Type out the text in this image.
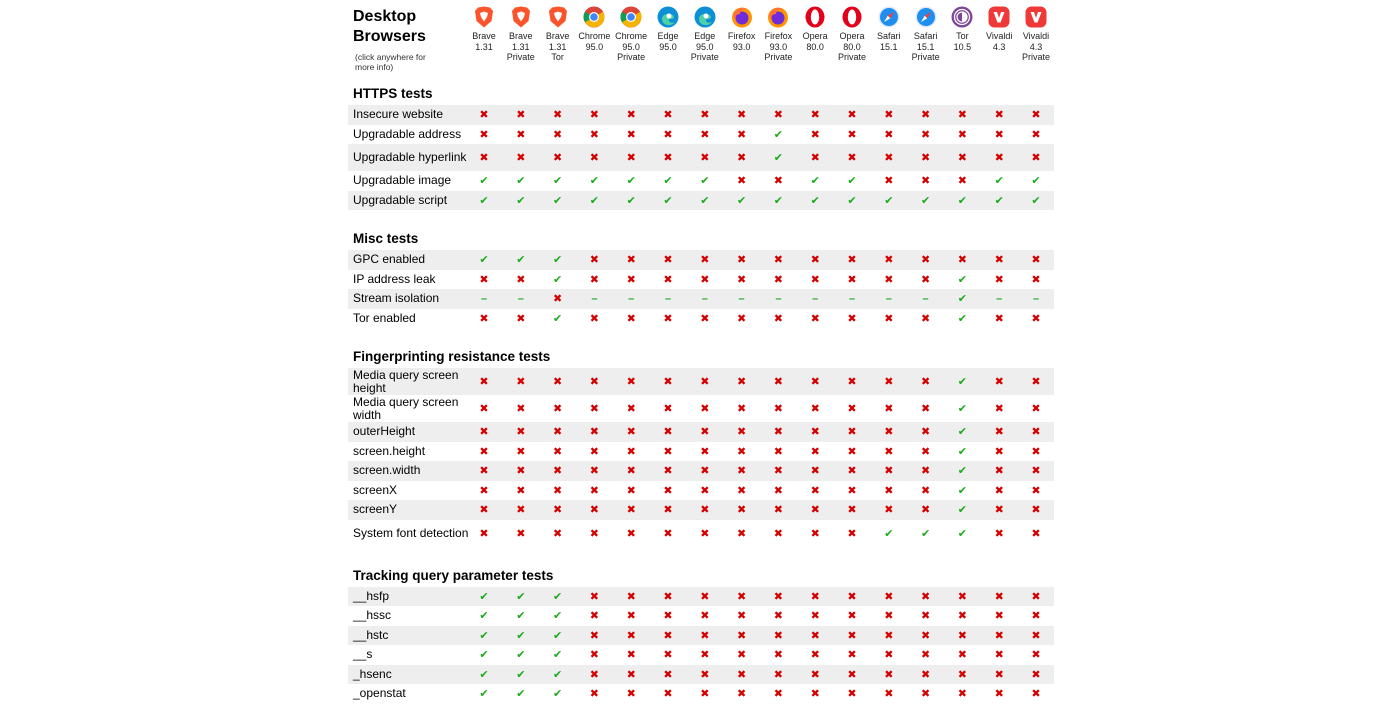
Desktop
Browsers
(click anywhere for
more info)
Brave
1.31
Brave
1.31
Private
Brave
1.31
Tor
Chrome
95.0
Chrome
95.0
Private
Edge
95.0
Edge
95.0
Private
Firefox
93.0
Firefox
93.0
Private
Opera
80.0
Opera
80.0
Private
Safari
15.1
Safari
15.1
Private
Tor
10.5
Vivaldi
4.3
Vivaldi
4.3
Private
HTTPS tests
Insecure website	✖	✖	✖	✖	✖	✖	✖	✖	✖	✖	✖	✖	✖	✖	✖	✖
Upgradable address	✖	✖	✖	✖	✖	✖	✖	✖	✔	✖	✖	✖	✖	✖	✖	✖
Upgradable hyperlink	✖	✖	✖	✖	✖	✖	✖	✖	✔	✖	✖	✖	✖	✖	✖	✖
Upgradable image	✔	✔	✔	✔	✔	✔	✔	✖	✖	✔	✔	✖	✖	✖	✔	✔
Upgradable script	✔	✔	✔	✔	✔	✔	✔	✔	✔	✔	✔	✔	✔	✔	✔	✔
Misc tests
GPC enabled	✔	✔	✔	✖	✖	✖	✖	✖	✖	✖	✖	✖	✖	✖	✖	✖
IP address leak	✖	✖	✔	✖	✖	✖	✖	✖	✖	✖	✖	✖	✖	✔	✖	✖
Stream isolation	–	–	✖	–	–	–	–	–	–	–	–	–	–	✔	–	–
Tor enabled	✖	✖	✔	✖	✖	✖	✖	✖	✖	✖	✖	✖	✖	✔	✖	✖
Fingerprinting resistance tests
Media query screen height	✖	✖	✖	✖	✖	✖	✖	✖	✖	✖	✖	✖	✖	✔	✖	✖
Media query screen width	✖	✖	✖	✖	✖	✖	✖	✖	✖	✖	✖	✖	✖	✔	✖	✖
outerHeight	✖	✖	✖	✖	✖	✖	✖	✖	✖	✖	✖	✖	✖	✔	✖	✖
screen.height	✖	✖	✖	✖	✖	✖	✖	✖	✖	✖	✖	✖	✖	✔	✖	✖
screen.width	✖	✖	✖	✖	✖	✖	✖	✖	✖	✖	✖	✖	✖	✔	✖	✖
screenX	✖	✖	✖	✖	✖	✖	✖	✖	✖	✖	✖	✖	✖	✔	✖	✖
screenY	✖	✖	✖	✖	✖	✖	✖	✖	✖	✖	✖	✖	✖	✔	✖	✖
System font detection ✖	✖	✖	✖	✖	✖	✖	✖	✖	✖	✖	✔	✔	✔	✖	✖
Tracking query parameter tests
__hsfp	✔	✔	✔	✖	✖	✖	✖	✖	✖	✖	✖	✖	✖	✖	✖	✖
__hssc	✔	✔	✔	✖	✖	✖	✖	✖	✖	✖	✖	✖	✖	✖	✖	✖
__hstc	✔	✔	✔	✖	✖	✖	✖	✖	✖	✖	✖	✖	✖	✖	✖	✖
__s	✔	✔	✔	✖	✖	✖	✖	✖	✖	✖	✖	✖	✖	✖	✖	✖
_hsenc	✔	✔	✔	✖	✖	✖	✖	✖	✖	✖	✖	✖	✖	✖	✖	✖
_openstat	✔	✔	✔	✖	✖	✖	✖	✖	✖	✖	✖	✖	✖	✖	✖	✖
